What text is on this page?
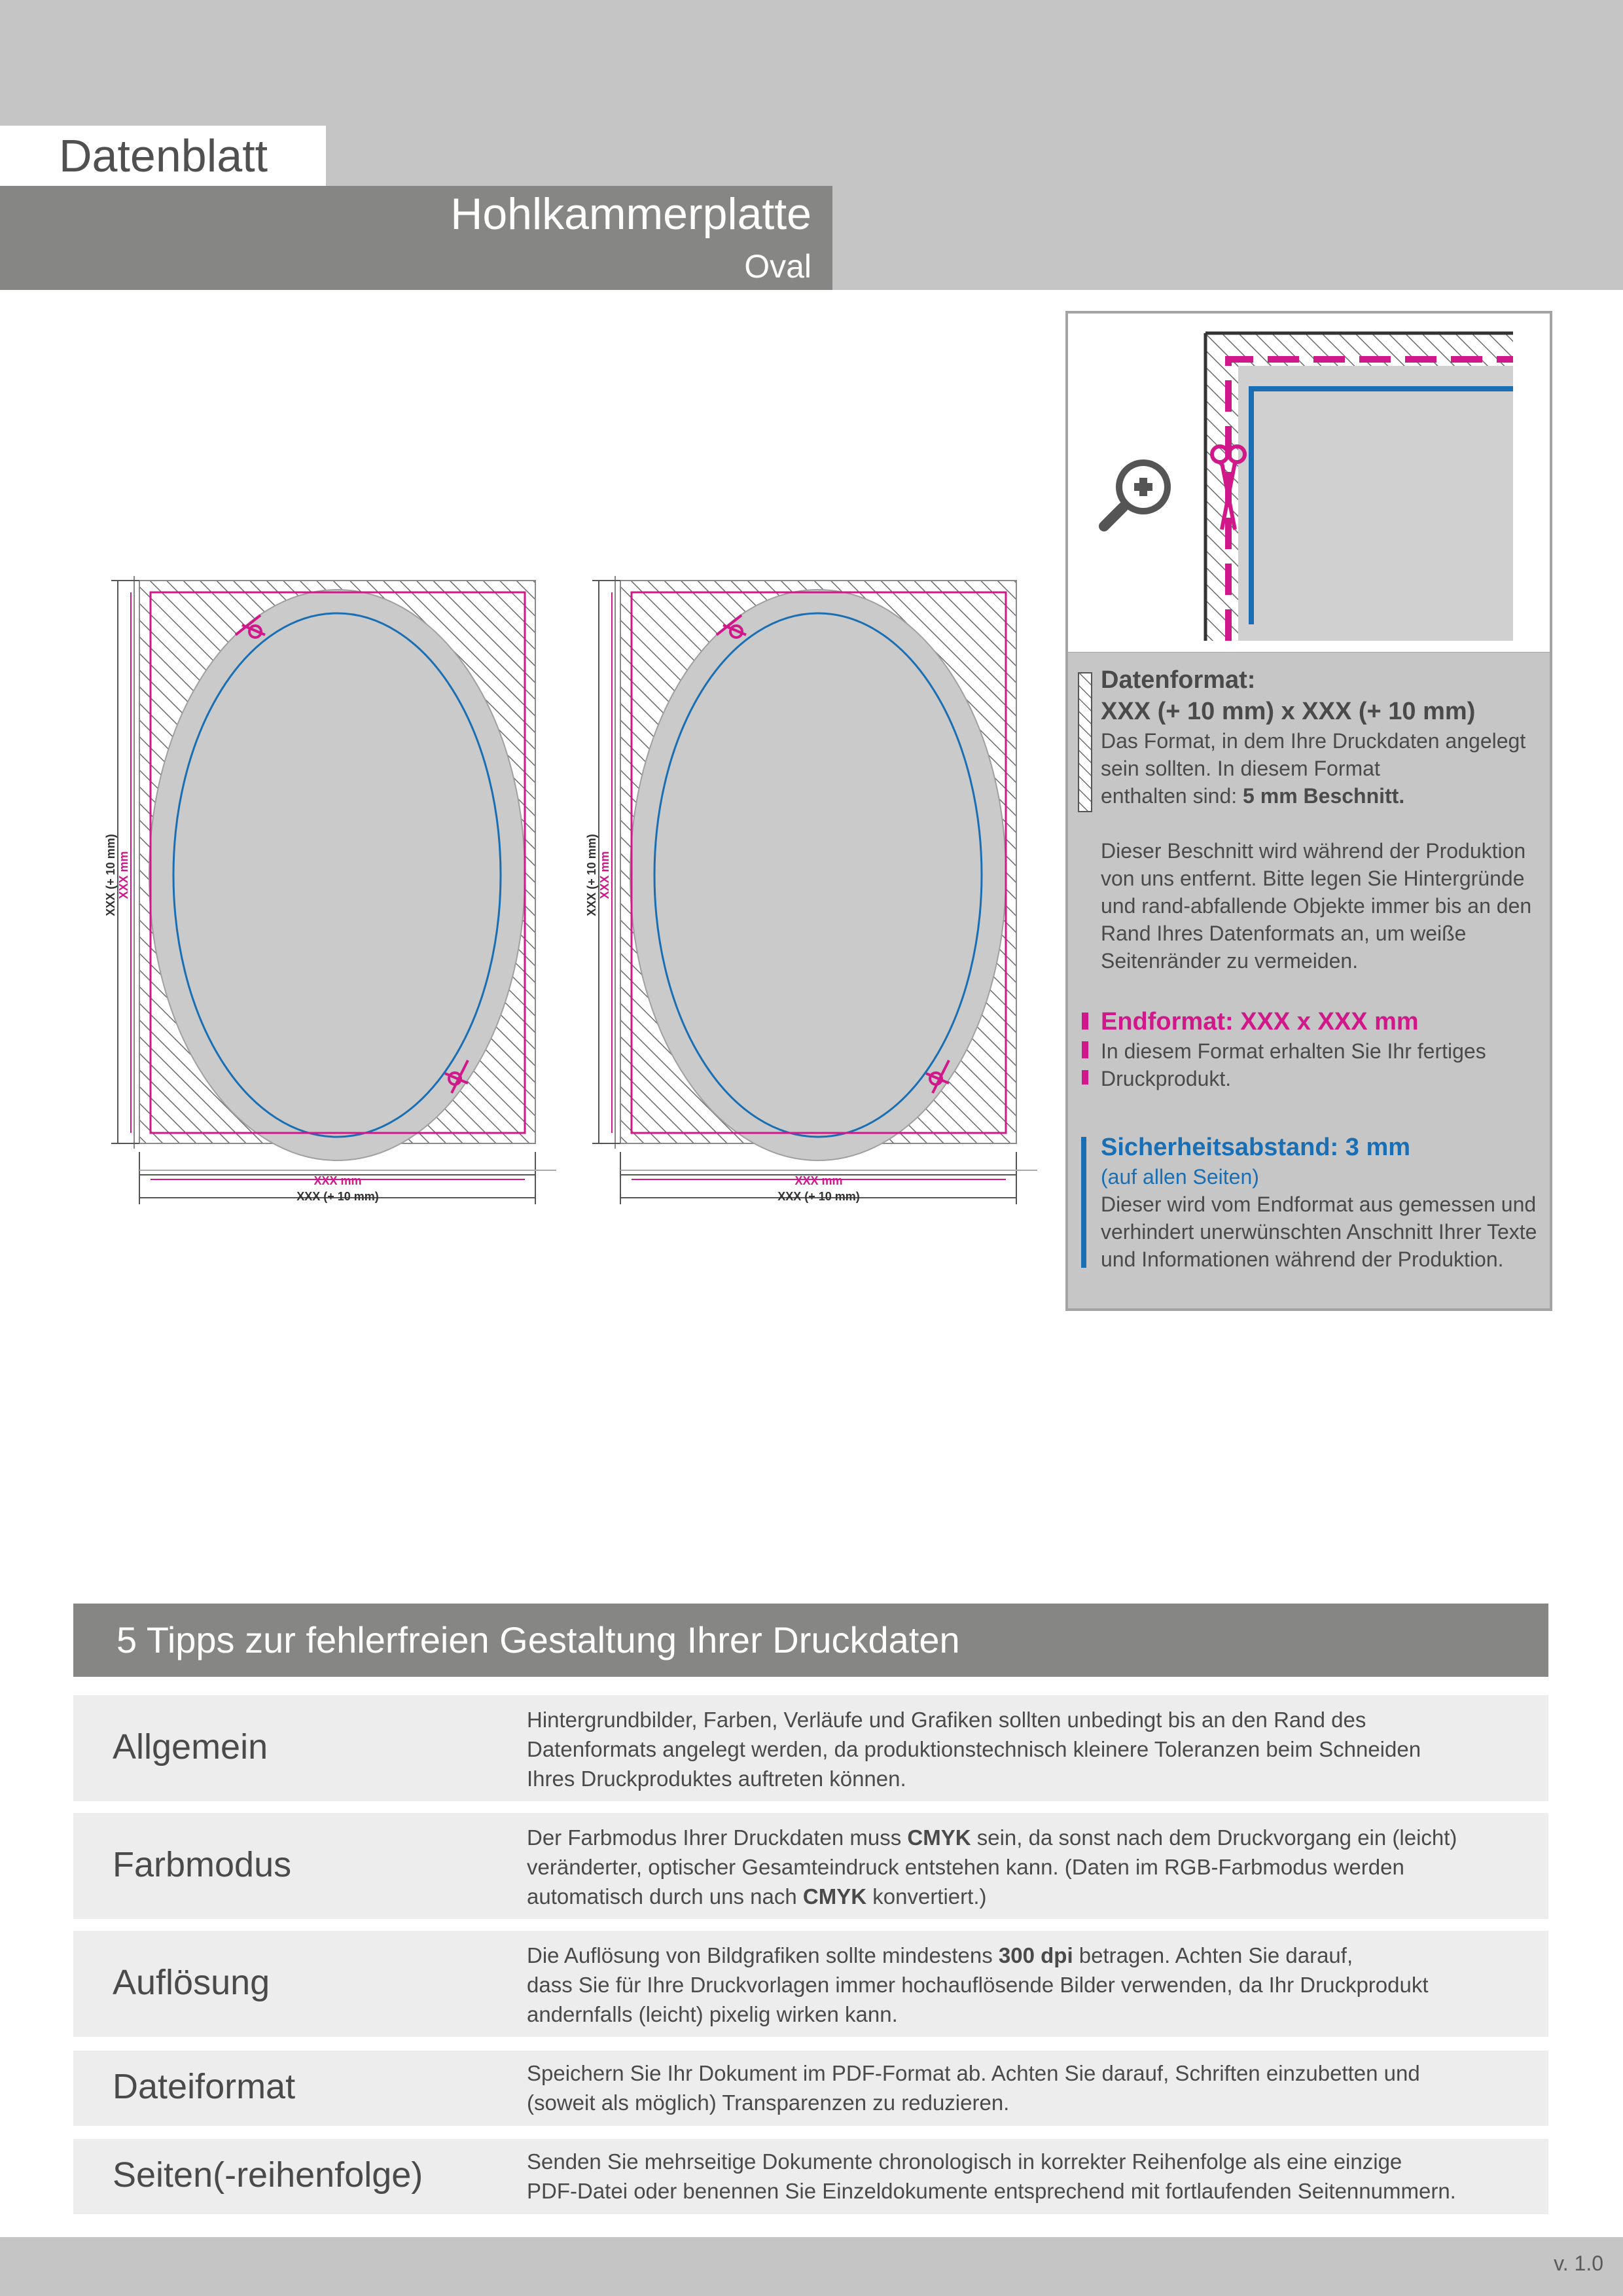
Datenblatt
Hohlkammerplatte
Oval
XXX (+ 10 mm) XXX mm
XXX mm
XXX (+ 10 mm)
XXX (+ 10 mm) XXX mm
XXX mm
XXX (+ 10 mm)
Datenformat:
XXX (+ 10 mm) x XXX (+ 10 mm)
Das Format, in dem Ihre Druckdaten angelegt
sein sollten. In diesem Format
enthalten sind: 5 mm Beschnitt.
Dieser Beschnitt wird während der Produktion
von uns entfernt. Bitte legen Sie Hintergründe
und rand-abfallende Objekte immer bis an den
Rand Ihres Datenformats an, um weiße
Seitenränder zu vermeiden.
Endformat: XXX x XXX mm
In diesem Format erhalten Sie Ihr fertiges
Druckprodukt.
Sicherheitsabstand: 3 mm
(auf allen Seiten)
Dieser wird vom Endformat aus gemessen und
verhindert unerwünschten Anschnitt Ihrer Texte
und Informationen während der Produktion.
5 Tipps zur fehlerfreien Gestaltung Ihrer Druckdaten
Allgemein
Hintergrundbilder, Farben, Verläufe und Grafiken sollten unbedingt bis an den Rand des
Datenformats angelegt werden, da produktionstechnisch kleinere Toleranzen beim Schneiden
Ihres Druckproduktes auftreten können.
Farbmodus
Der Farbmodus Ihrer Druckdaten muss CMYK sein, da sonst nach dem Druckvorgang ein (leicht)
veränderter, optischer Gesamteindruck entstehen kann. (Daten im RGB-Farbmodus werden
automatisch durch uns nach CMYK konvertiert.)
Auflösung
Die Auflösung von Bildgrafiken sollte mindestens 300 dpi betragen. Achten Sie darauf,
dass Sie für Ihre Druckvorlagen immer hochauflösende Bilder verwenden, da Ihr Druckprodukt
andernfalls (leicht) pixelig wirken kann.
Dateiformat	Speichern Sie Ihr Dokument im PDF-Format ab. Achten Sie darauf, Schriften einzubetten und
(soweit als möglich) Transparenzen zu reduzieren.
Seiten(-reihenfolge)	Senden Sie mehrseitige Dokumente chronologisch in korrekter Reihenfolge als eine einzige
PDF-Datei oder benennen Sie Einzeldokumente entsprechend mit fortlaufenden Seitennummern.
v. 1.0
